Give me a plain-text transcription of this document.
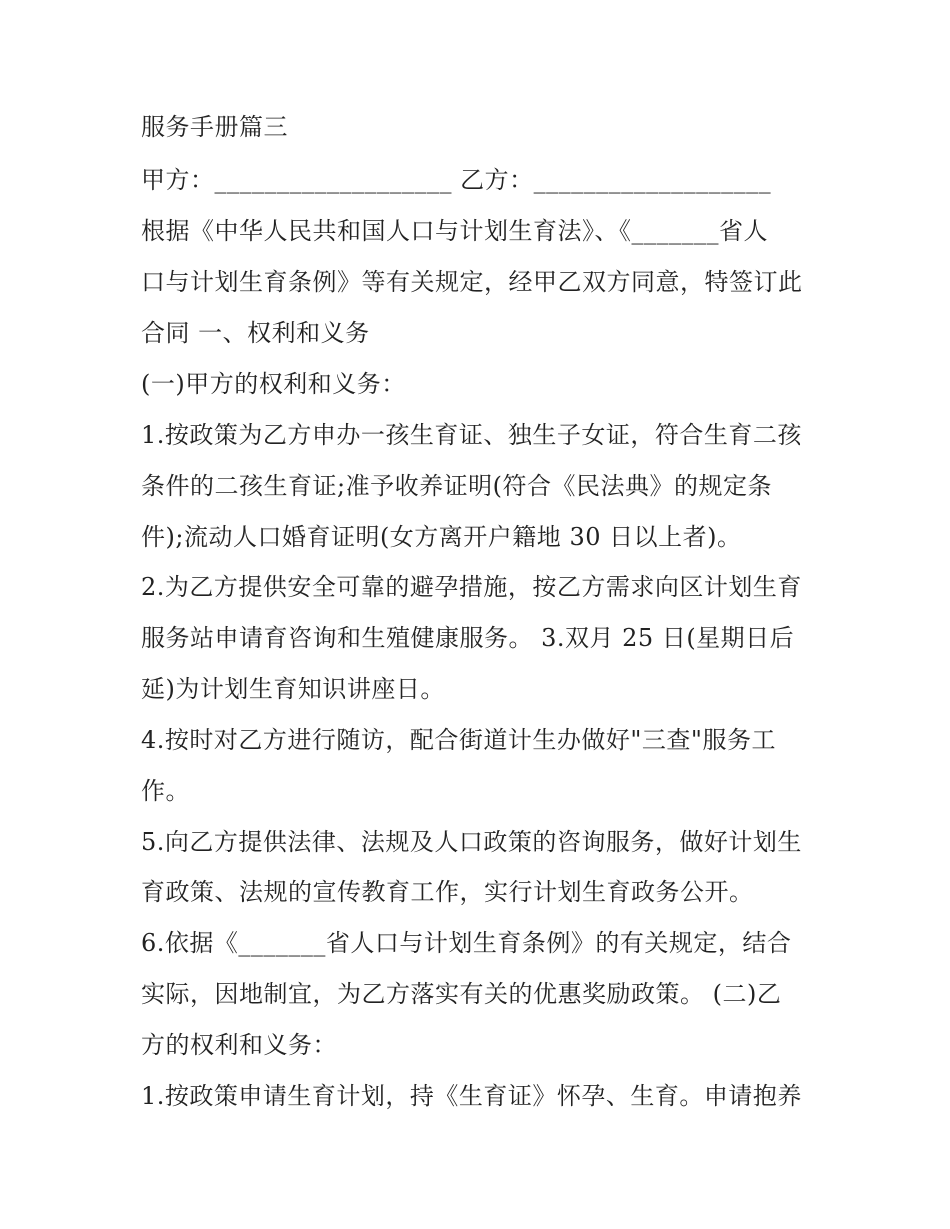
服务手册篇三
甲方：___________________ 乙方：___________________
根据《中华人民共和国人口与计划生育法》、《_______省人
口与计划生育条例》等有关规定，经甲乙双方同意，特签订此
合同 一、权利和义务
(一)甲方的权利和义务：
1.按政策为乙方申办一孩生育证、独生子女证，符合生育二孩
条件的二孩生育证;准予收养证明(符合《民法典》的规定条
件);流动人口婚育证明(女方离开户籍地 30 日以上者)。
2.为乙方提供安全可靠的避孕措施，按乙方需求向区计划生育
服务站申请育咨询和生殖健康服务。 3.双月 25 日(星期日后
延)为计划生育知识讲座日。
4.按时对乙方进行随访，配合街道计生办做好"三查"服务工
作。
5.向乙方提供法律、法规及人口政策的咨询服务，做好计划生
育政策、法规的宣传教育工作，实行计划生育政务公开。
6.依据《_______省人口与计划生育条例》的有关规定，结合
实际，因地制宜，为乙方落实有关的优惠奖励政策。 (二)乙
方的权利和义务：
1.按政策申请生育计划，持《生育证》怀孕、生育。申请抱养
